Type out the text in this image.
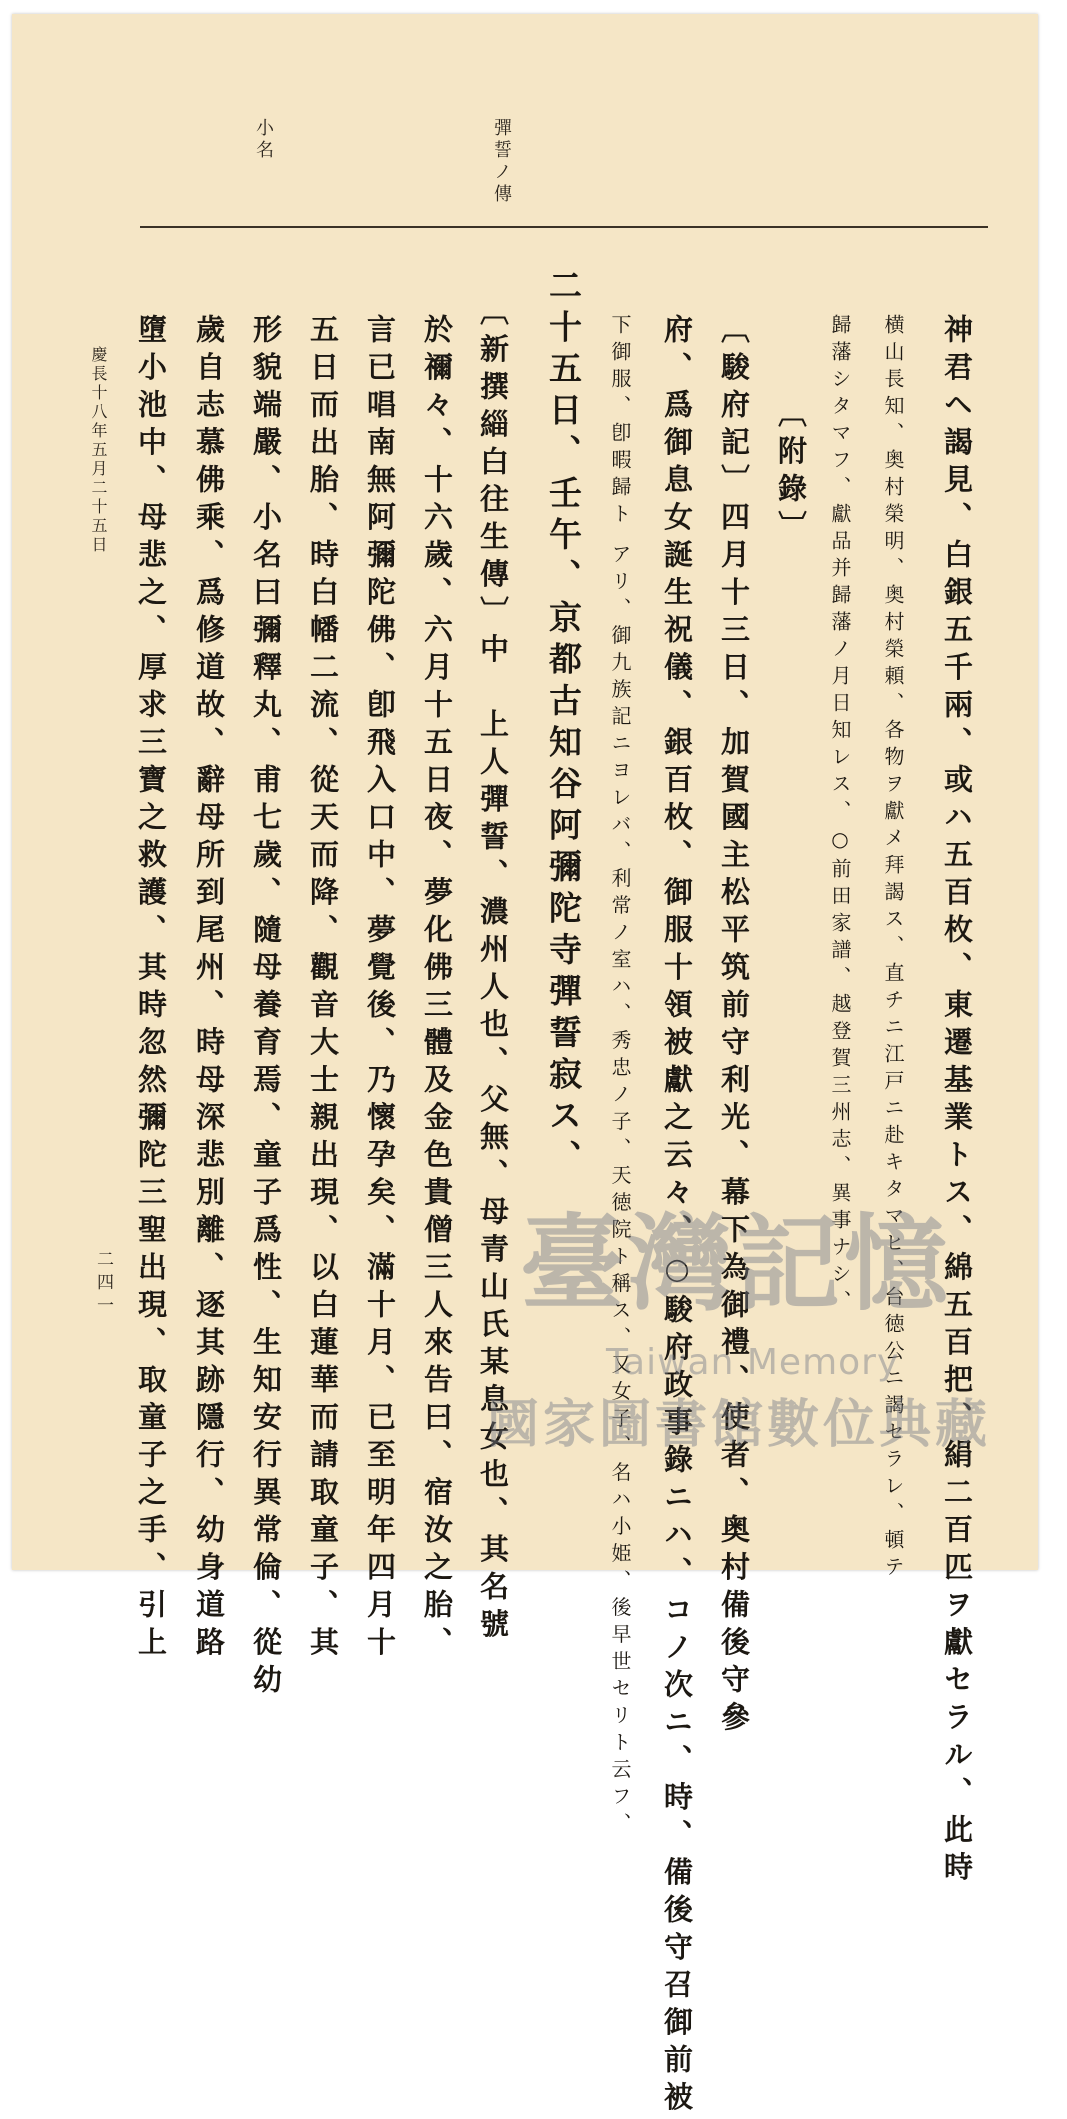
彈誓ノ傳
小名
神君ヘ謁見、白銀五千兩、或ハ五百枚、東遷基業トス、綿五百把、絹二百匹ヲ獻セラル、此時
横山長知、奥村榮明、奥村榮頼、各物ヲ獻メ拜謁ス、直チニ江戸ニ赴キタマヒ、台徳公ニ謁セラレ、頓テ
歸藩シタマフ、獻品并歸藩ノ月日知レス、○前田家譜、越登賀三州志、異事ナシ、
〔附錄〕
〔駿府記〕四月十三日、加賀國主松平筑前守利光、幕下為御禮、使者、奥村備後守參
府、爲御息女誕生祝儀、銀百枚、御服十領被獻之云々、○駿府政事錄ニハ、コノ次ニ、時、備後守召御前被
下御服、卽暇歸ト アリ、御九族記ニヨレバ、利常ノ室ハ、秀忠ノ子、天徳院ト稱ス、又女子、名ハ小姫、後早世セリト云フ、
二十五日、壬午、京都古知谷阿彌陀寺彈誓寂ス、
〔新撰緇白往生傳〕中　上人彈誓、濃州人也、父無、母青山氏某息女也、其名號
於禰々、十六歲、六月十五日夜、夢化佛三體及金色貴僧三人來告曰、宿汝之胎、
言已唱南無阿彌陀佛、卽飛入口中、夢覺後、乃懷孕矣、滿十月、已至明年四月十
五日而出胎、時白幡二流、從天而降、觀音大士親出現、以白蓮華而請取童子、其
形貌端嚴、小名曰彌釋丸、甫七歲、隨母養育焉、童子爲性、生知安行異常倫、從幼
歲自志慕佛乘、爲修道故、辭母所到尾州、時母深悲別離、逐其跡隱行、幼身道路
墮小池中、母悲之、厚求三寶之救護、其時忽然彌陀三聖出現、取童子之手、引上
慶長十八年五月二十五日
二四一	臺灣記憶
Taiwan Memory
國家圖書館數位典藏
